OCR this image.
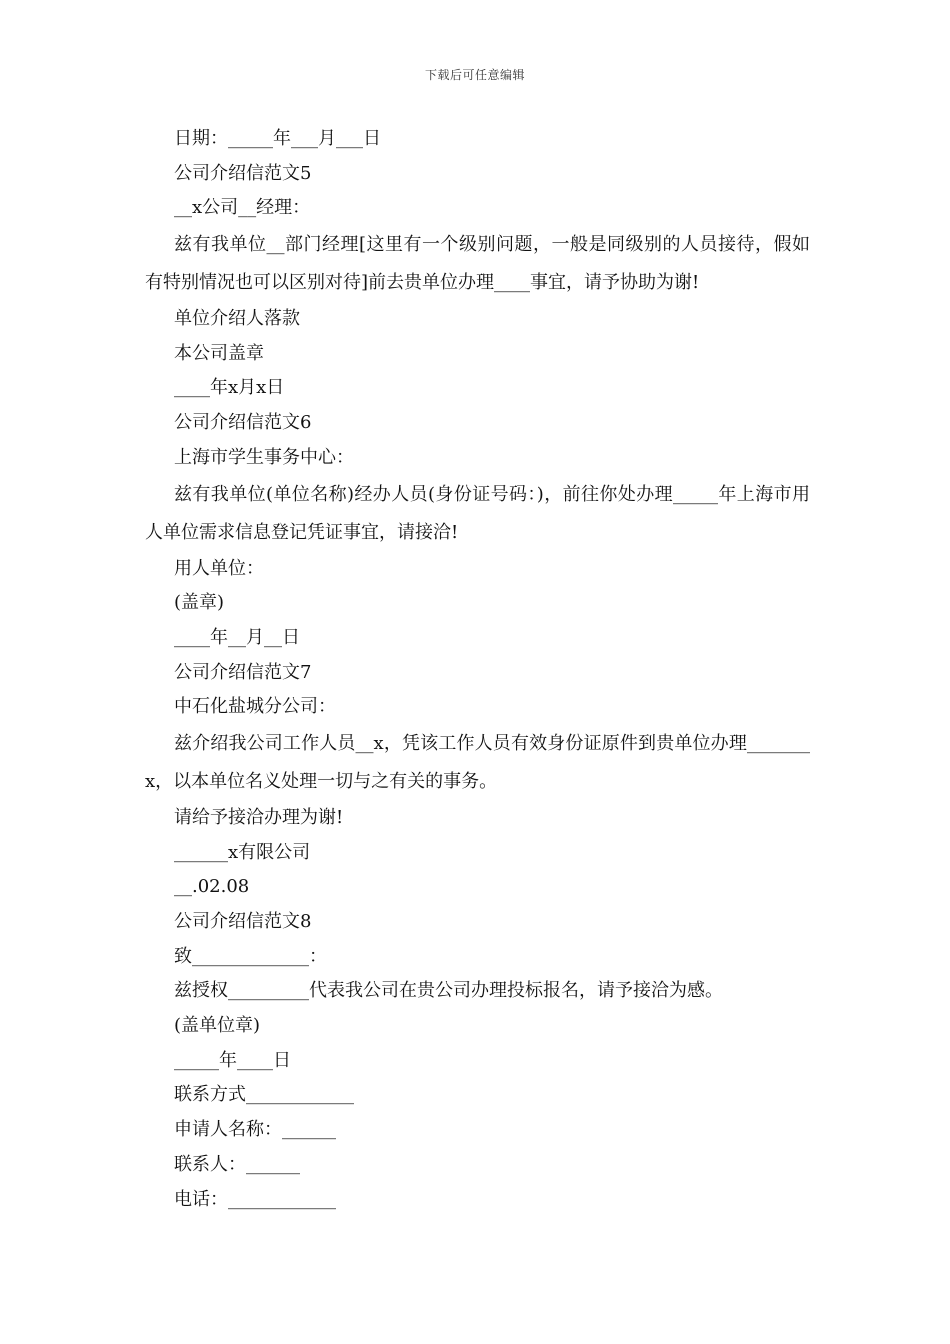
下载后可任意编辑
日期：_____年___月___日
公司介绍信范文5
__x公司__经理：
兹有我单位__部门经理[这里有一个级别问题，一般是同级别的人员接待，假如有特别情况也可以区别对待]前去贵单位办理____事宜，请予协助为谢!
单位介绍人落款
本公司盖章
____年x月x日
公司介绍信范文6
上海市学生事务中心：
兹有我单位(单位名称)经办人员(身份证号码：)，前往你处办理_____年上海市用人单位需求信息登记凭证事宜，请接洽!
用人单位：
(盖章)
____年__月__日
公司介绍信范文7
中石化盐城分公司：
兹介绍我公司工作人员__x，凭该工作人员有效身份证原件到贵单位办理_______x，以本单位名义处理一切与之有关的事务。
请给予接洽办理为谢!
______x有限公司
__.02.08
公司介绍信范文8
致_____________：
兹授权_________代表我公司在贵公司办理投标报名，请予接洽为感。
(盖单位章)
_____年____日
联系方式____________
申请人名称：______
联系人：______
电话：____________
